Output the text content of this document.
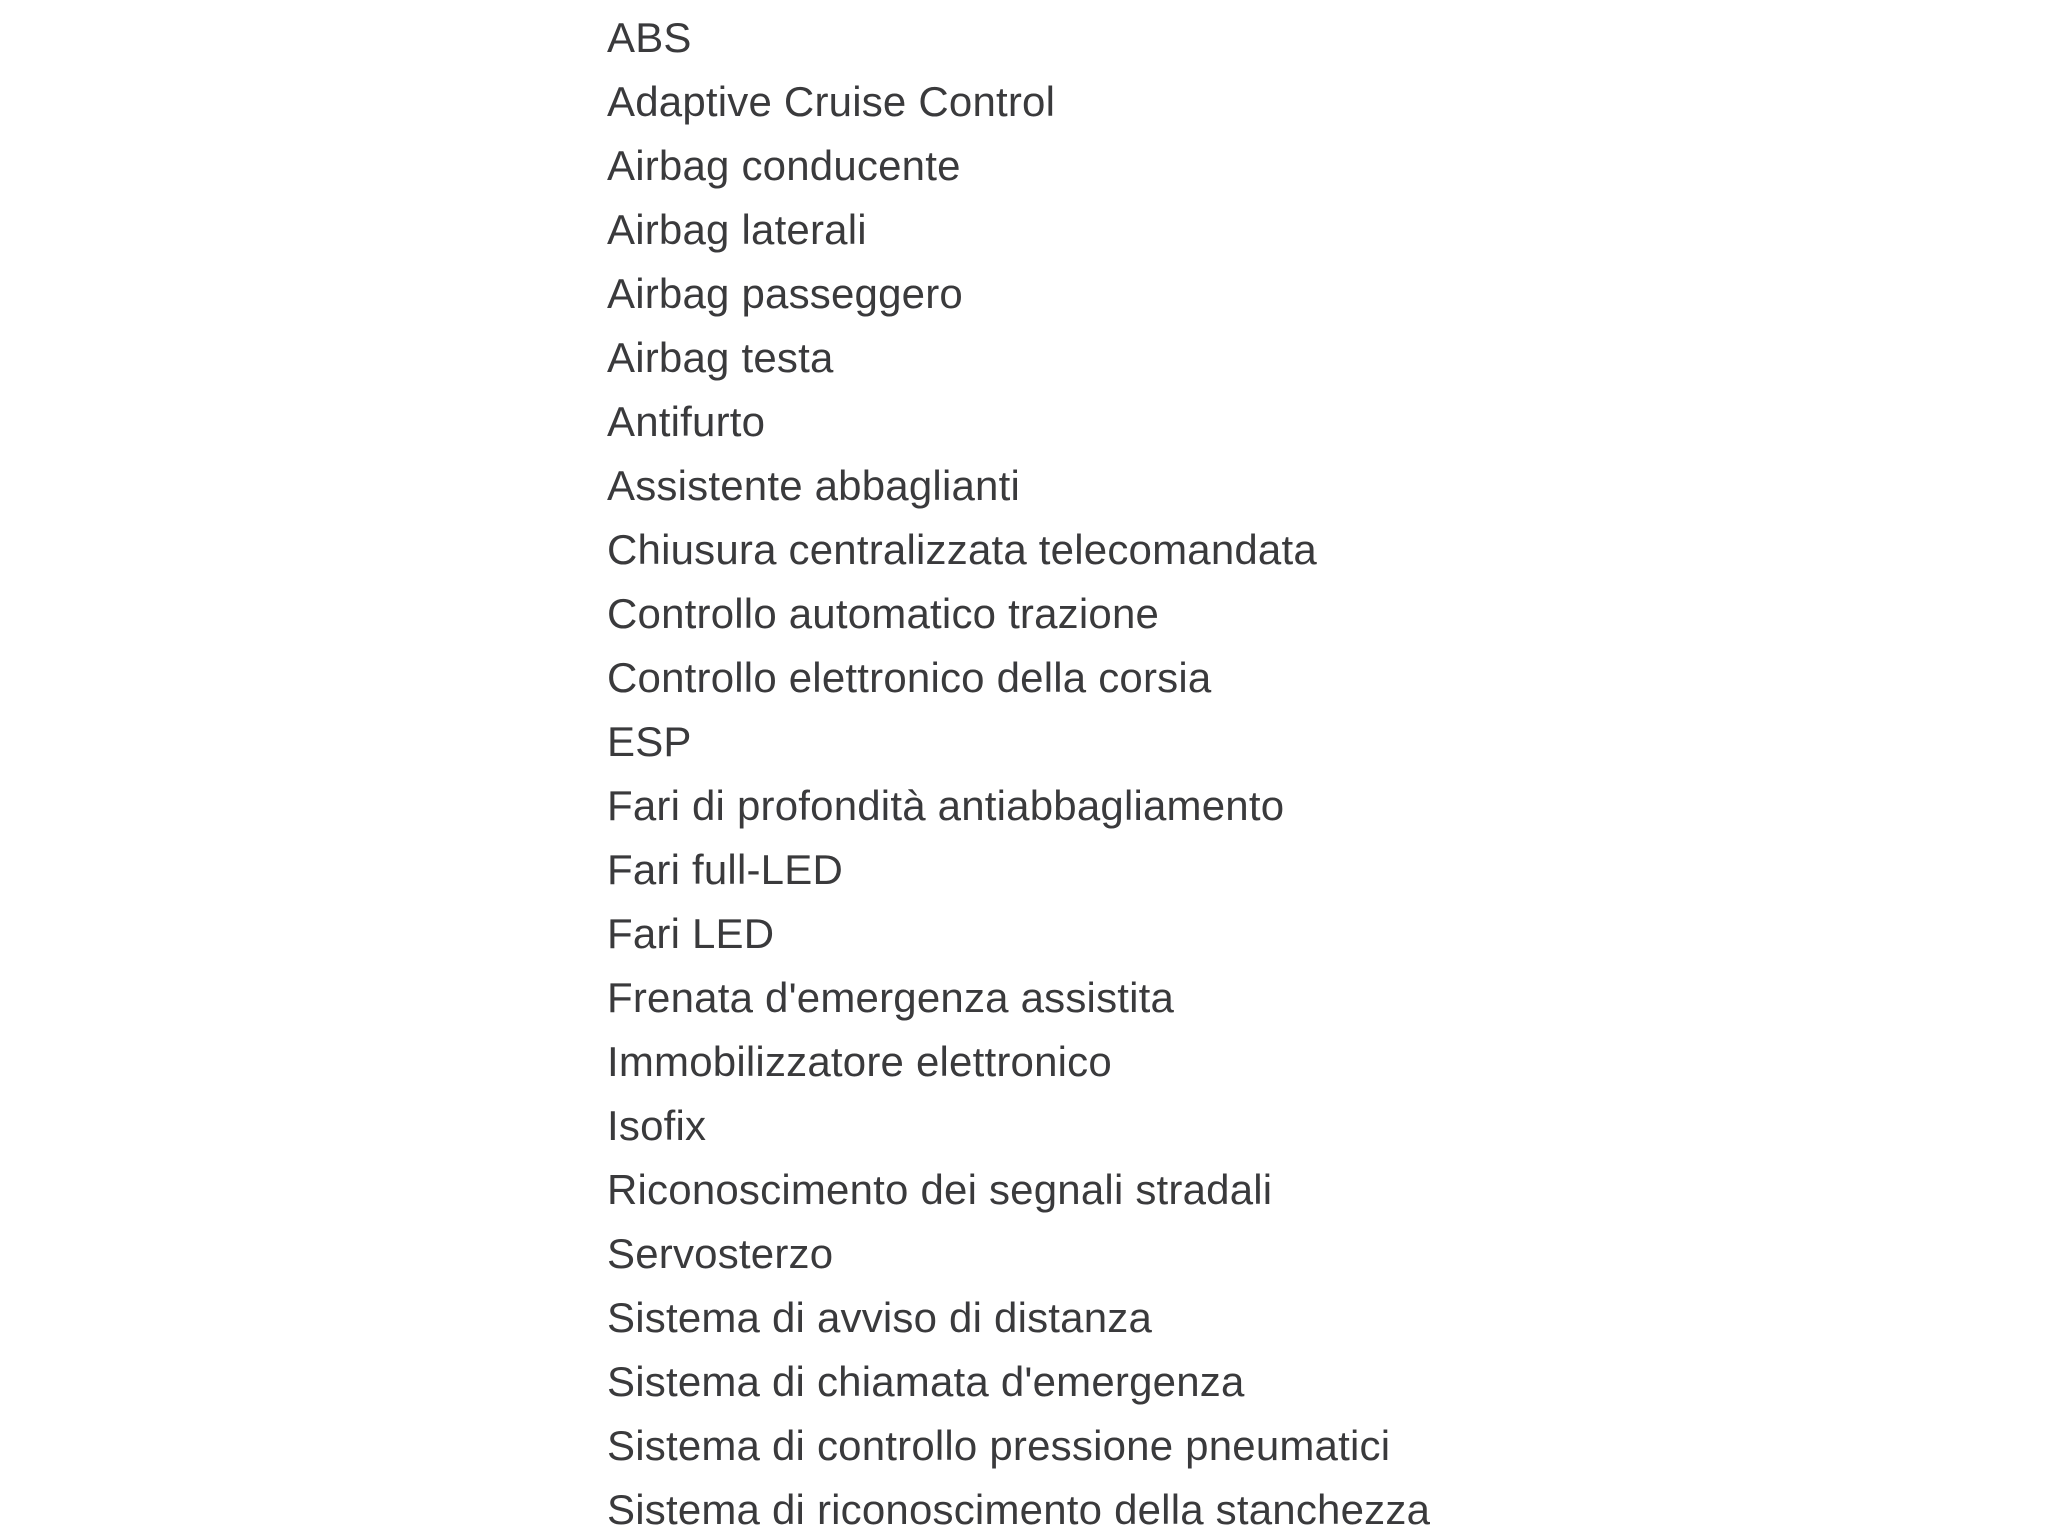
ABS
Adaptive Cruise Control
Airbag conducente
Airbag laterali
Airbag passeggero
Airbag testa
Antifurto
Assistente abbaglianti
Chiusura centralizzata telecomandata
Controllo automatico trazione
Controllo elettronico della corsia
ESP
Fari di profondità antiabbagliamento
Fari full-LED
Fari LED
Frenata d'emergenza assistita
Immobilizzatore elettronico
Isofix
Riconoscimento dei segnali stradali
Servosterzo
Sistema di avviso di distanza
Sistema di chiamata d'emergenza
Sistema di controllo pressione pneumatici
Sistema di riconoscimento della stanchezza
